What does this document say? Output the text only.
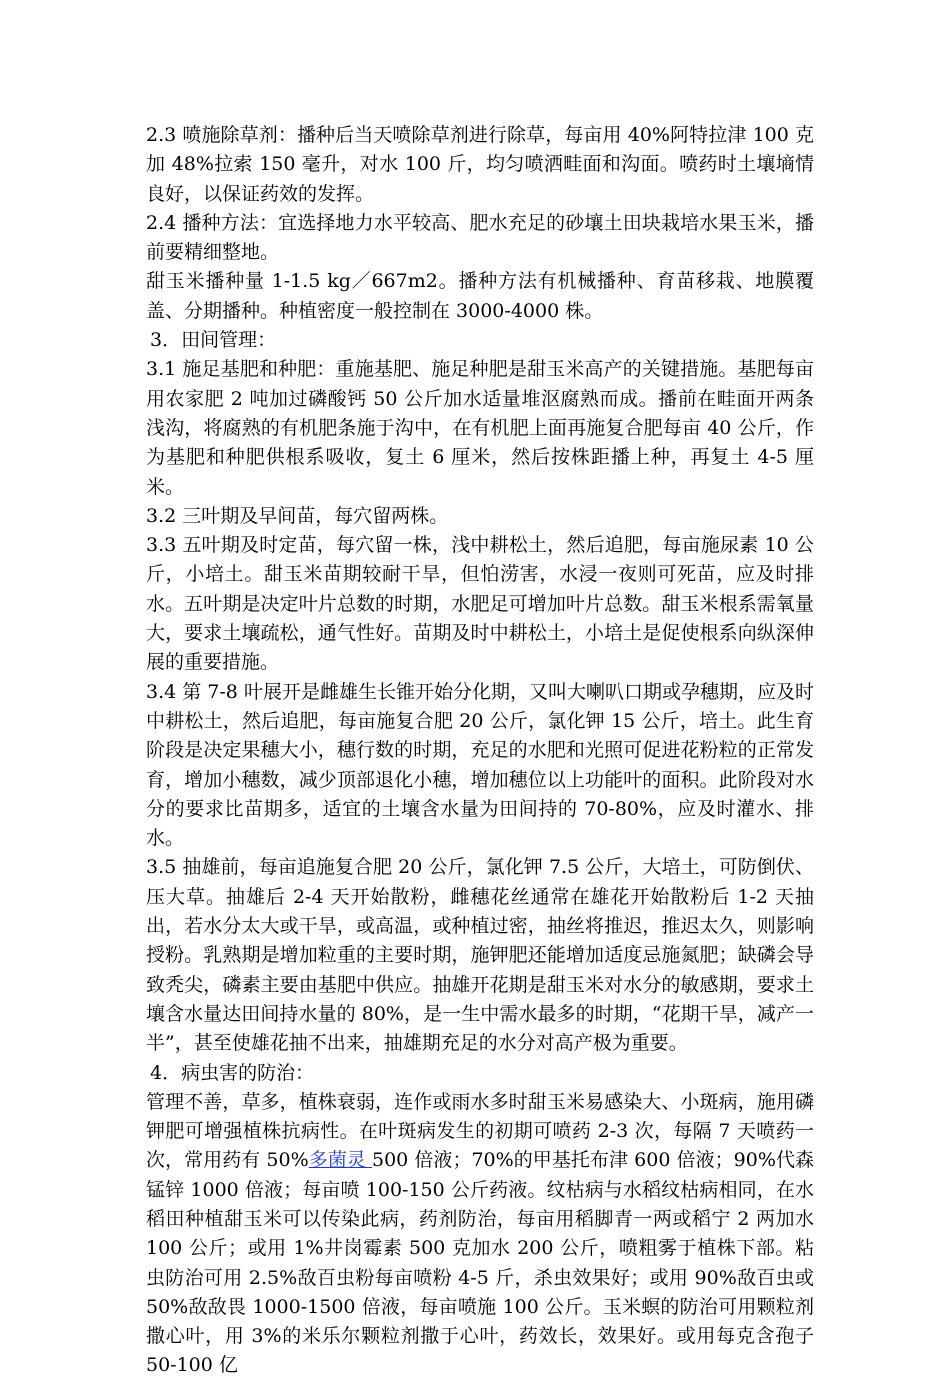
2.3 喷施除草剂：播种后当天喷除草剂进行除草，每亩用 40%阿特拉津 100 克加 48%拉索 150 毫升，对水 100 斤，均匀喷洒畦面和沟面。喷药时土壤墒情良好，以保证药效的发挥。

2.4 播种方法：宜选择地力水平较高、肥水充足的砂壤土田块栽培水果玉米，播前要精细整地。

甜玉米播种量 1-1.5 kg／667m2。播种方法有机械播种、育苗移栽、地膜覆盖、分期播种。种植密度一般控制在 3000-4000 株。

3．田间管理：

3.1 施足基肥和种肥：重施基肥、施足种肥是甜玉米高产的关键措施。基肥每亩用农家肥 2 吨加过磷酸钙 50 公斤加水适量堆沤腐熟而成。播前在畦面开两条浅沟，将腐熟的有机肥条施于沟中，在有机肥上面再施复合肥每亩 40 公斤，作为基肥和种肥供根系吸收，复土 6 厘米，然后按株距播上种，再复土 4-5 厘米。

3.2 三叶期及早间苗，每穴留两株。

3.3 五叶期及时定苗，每穴留一株，浅中耕松土，然后追肥，每亩施尿素 10 公斤，小培土。甜玉米苗期较耐干旱，但怕涝害，水浸一夜则可死苗，应及时排水。五叶期是决定叶片总数的时期，水肥足可增加叶片总数。甜玉米根系需氧量大，要求土壤疏松，通气性好。苗期及时中耕松土，小培土是促使根系向纵深伸展的重要措施。

3.4 第 7-8 叶展开是雌雄生长锥开始分化期，又叫大喇叭口期或孕穗期，应及时中耕松土，然后追肥，每亩施复合肥 20 公斤，氯化钾 15 公斤，培土。此生育阶段是决定果穗大小，穗行数的时期，充足的水肥和光照可促进花粉粒的正常发育，增加小穗数，减少顶部退化小穗，增加穗位以上功能叶的面积。此阶段对水分的要求比苗期多，适宜的土壤含水量为田间持的 70-80%，应及时灌水、排水。

3.5 抽雄前，每亩追施复合肥 20 公斤，氯化钾 7.5 公斤，大培土，可防倒伏、压大草。抽雄后 2-4 天开始散粉，雌穗花丝通常在雄花开始散粉后 1-2 天抽出，若水分太大或干旱，或高温，或种植过密，抽丝将推迟，推迟太久，则影响授粉。乳熟期是增加粒重的主要时期，施钾肥还能增加适度忌施氮肥；缺磷会导致秃尖，磷素主要由基肥中供应。抽雄开花期是甜玉米对水分的敏感期，要求土壤含水量达田间持水量的 80%，是一生中需水最多的时期，“花期干旱，减产一半”，甚至使雄花抽不出来，抽雄期充足的水分对高产极为重要。

4．病虫害的防治：

管理不善，草多，植株衰弱，连作或雨水多时甜玉米易感染大、小斑病，施用磷钾肥可增强植株抗病性。在叶斑病发生的初期可喷药 2-3 次，每隔 7 天喷药一次，常用药有 50%多菌灵 500 倍液；70%的甲基托布津 600 倍液；90%代森锰锌 1000 倍液；每亩喷 100-150 公斤药液。纹枯病与水稻纹枯病相同，在水稻田种植甜玉米可以传染此病，药剂防治，每亩用稻脚青一两或稻宁 2 两加水 100 公斤；或用 1%井岗霉素 500 克加水 200 公斤，喷粗雾于植株下部。粘虫防治可用 2.5%敌百虫粉每亩喷粉 4-5 斤，杀虫效果好；或用 90%敌百虫或 50%敌敌畏 1000-1500 倍液，每亩喷施 100 公斤。玉米螟的防治可用颗粒剂撒心叶，用 3%的米乐尔颗粒剂撒于心叶，药效长，效果好。或用每克含孢子 50-100 亿
